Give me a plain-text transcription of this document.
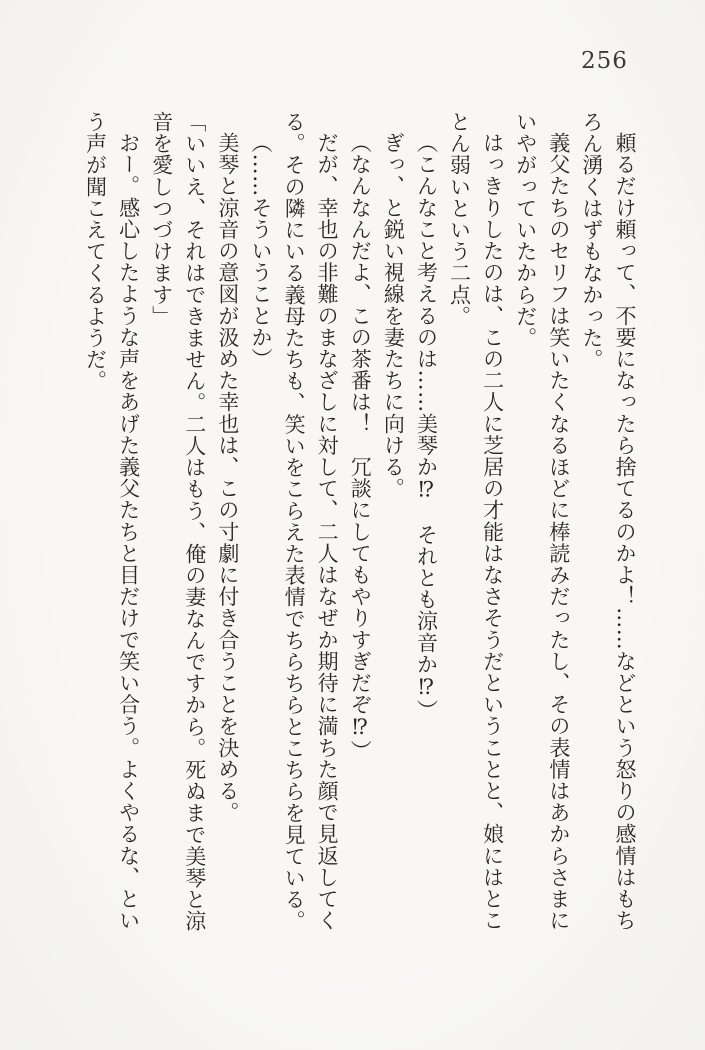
256

頼るだけ頼って、不要になったら捨てるのかよ！……などという怒りの感情はもち

ろん湧くはずもなかった。

義父たちのセリフは笑いたくなるほどに棒読みだったし、その表情はあからさまに

いやがっていたからだ。

はっきりしたのは、この二人に芝居の才能はなさそうだということと、娘にはとこ

とん弱いという二点。

（こんなこと考えるのは……美琴か⁉　それとも涼音か⁉）

ぎっ、と鋭い視線を妻たちに向ける。

（なんなんだよ、この茶番は！　冗談にしてもやりすぎだぞ⁉）

だが、幸也の非難のまなざしに対して、二人はなぜか期待に満ちた顔で見返してく

る。その隣にいる義母たちも、笑いをこらえた表情でちらちらとこちらを見ている。

（……そういうことか）

美琴と涼音の意図が汲めた幸也は、この寸劇に付き合うことを決める。

「いいえ、それはできません。二人はもう、俺の妻なんですから。死ぬまで美琴と涼

音を愛しつづけます」

おー。感心したような声をあげた義父たちと目だけで笑い合う。よくやるな、とい

う声が聞こえてくるようだ。
